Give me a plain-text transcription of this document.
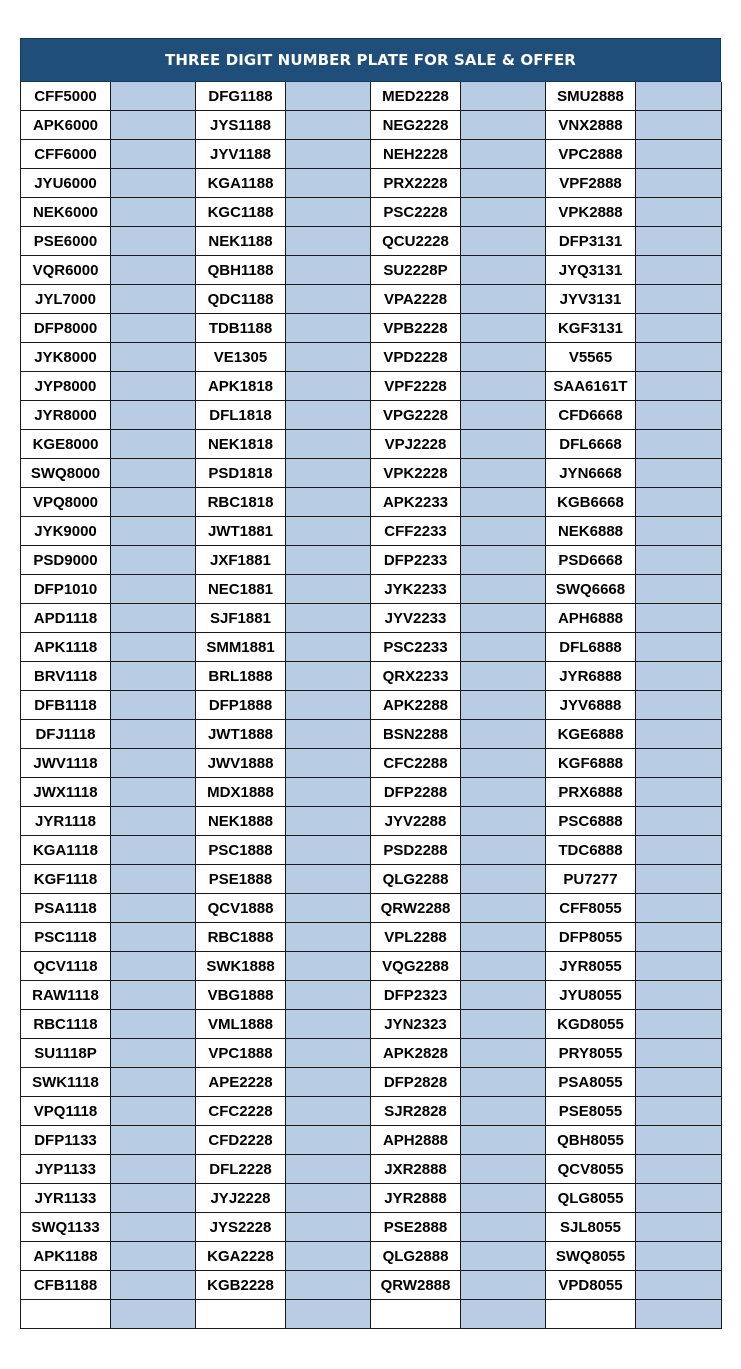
THREE DIGIT NUMBER PLATE FOR SALE & OFFER
CFF5000		DFG1188		MED2228		SMU2888	
APK6000		JYS1188		NEG2228		VNX2888	
CFF6000		JYV1188		NEH2228		VPC2888	
JYU6000		KGA1188		PRX2228		VPF2888	
NEK6000		KGC1188		PSC2228		VPK2888	
PSE6000		NEK1188		QCU2228		DFP3131	
VQR6000		QBH1188		SU2228P		JYQ3131	
JYL7000		QDC1188		VPA2228		JYV3131	
DFP8000		TDB1188		VPB2228		KGF3131	
JYK8000		VE1305		VPD2228		V5565	
JYP8000		APK1818		VPF2228		SAA6161T	
JYR8000		DFL1818		VPG2228		CFD6668	
KGE8000		NEK1818		VPJ2228		DFL6668	
SWQ8000		PSD1818		VPK2228		JYN6668	
VPQ8000		RBC1818		APK2233		KGB6668	
JYK9000		JWT1881		CFF2233		NEK6888	
PSD9000		JXF1881		DFP2233		PSD6668	
DFP1010		NEC1881		JYK2233		SWQ6668	
APD1118		SJF1881		JYV2233		APH6888	
APK1118		SMM1881		PSC2233		DFL6888	
BRV1118		BRL1888		QRX2233		JYR6888	
DFB1118		DFP1888		APK2288		JYV6888	
DFJ1118		JWT1888		BSN2288		KGE6888	
JWV1118		JWV1888		CFC2288		KGF6888	
JWX1118		MDX1888		DFP2288		PRX6888	
JYR1118		NEK1888		JYV2288		PSC6888	
KGA1118		PSC1888		PSD2288		TDC6888	
KGF1118		PSE1888		QLG2288		PU7277	
PSA1118		QCV1888		QRW2288		CFF8055	
PSC1118		RBC1888		VPL2288		DFP8055	
QCV1118		SWK1888		VQG2288		JYR8055	
RAW1118		VBG1888		DFP2323		JYU8055	
RBC1118		VML1888		JYN2323		KGD8055	
SU1118P		VPC1888		APK2828		PRY8055	
SWK1118		APE2228		DFP2828		PSA8055	
VPQ1118		CFC2228		SJR2828		PSE8055	
DFP1133		CFD2228		APH2888		QBH8055	
JYP1133		DFL2228		JXR2888		QCV8055	
JYR1133		JYJ2228		JYR2888		QLG8055	
SWQ1133		JYS2228		PSE2888		SJL8055	
APK1188		KGA2228		QLG2888		SWQ8055	
CFB1188		KGB2228		QRW2888		VPD8055	
